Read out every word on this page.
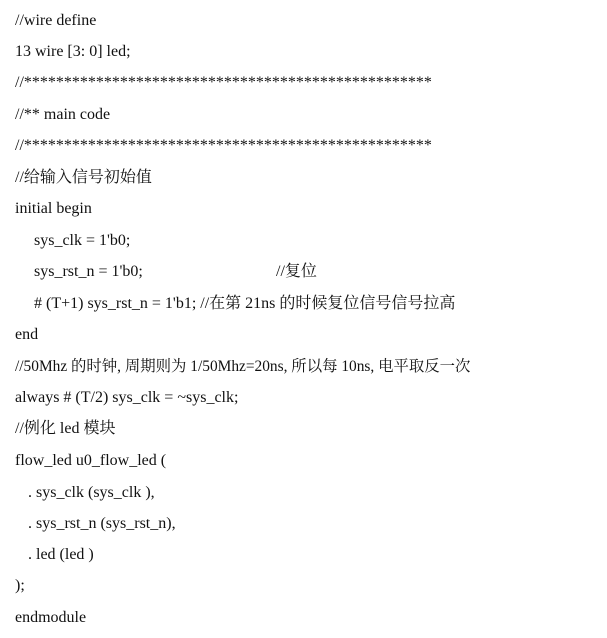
//wire define
13 wire [3: 0] led;
//***************************************************
//** main code
//***************************************************
//给输入信号初始值
initial begin
sys_clk = 1'b0;
sys_rst_n = 1'b0;	//复位
# (T+1) sys_rst_n = 1'b1; //在第 21ns 的时候复位信号信号拉高
end
//50Mhz 的时钟, 周期则为 1/50Mhz=20ns, 所以每 10ns, 电平取反一次
always # (T/2) sys_clk = ~sys_clk;
//例化 led 模块
flow_led u0_flow_led (
. sys_clk (sys_clk ),
. sys_rst_n (sys_rst_n),
. led (led )
);
endmodule
